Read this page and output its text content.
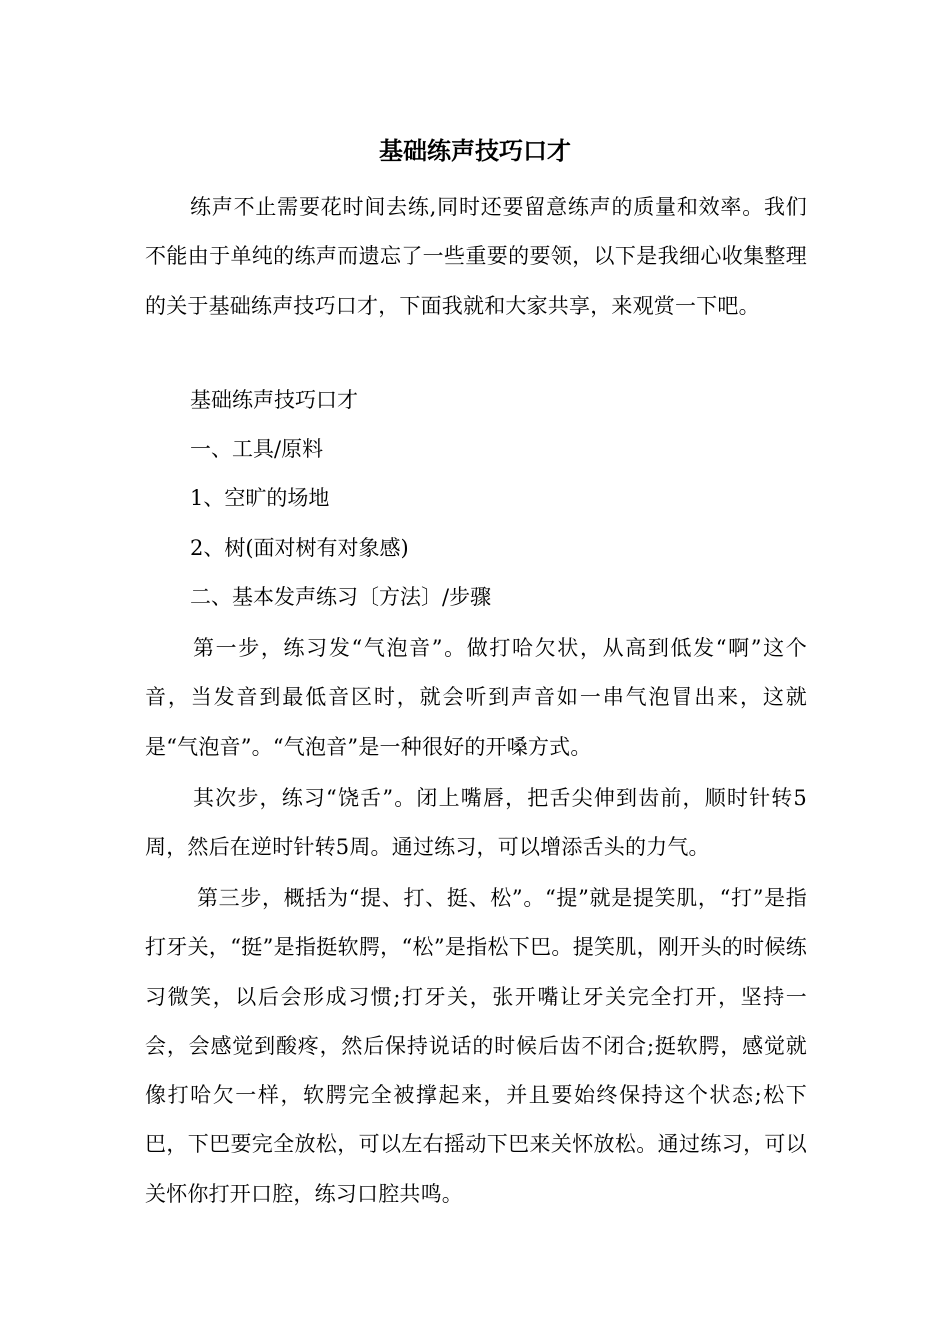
基础练声技巧口才

练声不止需要花时间去练,同时还要留意练声的质量和效率。我们不能由于单纯的练声而遗忘了一些重要的要领，以下是我细心收集整理的关于基础练声技巧口才，下面我就和大家共享，来观赏一下吧。

基础练声技巧口才
一、工具/原料
1、空旷的场地
2、树(面对树有对象感)
二、基本发声练习〔方法〕/步骤

第一步，练习发“气泡音”。做打哈欠状，从高到低发“啊”这个音，当发音到最低音区时，就会听到声音如一串气泡冒出来，这就是“气泡音”。“气泡音”是一种很好的开嗓方式。

其次步，练习“饶舌”。闭上嘴唇，把舌尖伸到齿前，顺时针转5周，然后在逆时针转5周。通过练习，可以增添舌头的力气。

第三步，概括为“提、打、挺、松”。“提”就是提笑肌，“打”是指打牙关，“挺”是指挺软腭，“松”是指松下巴。提笑肌，刚开头的时候练习微笑，以后会形成习惯;打牙关，张开嘴让牙关完全打开，坚持一会，会感觉到酸疼，然后保持说话的时候后齿不闭合;挺软腭，感觉就像打哈欠一样，软腭完全被撑起来，并且要始终保持这个状态;松下巴，下巴要完全放松，可以左右摇动下巴来关怀放松。通过练习，可以关怀你打开口腔，练习口腔共鸣。
